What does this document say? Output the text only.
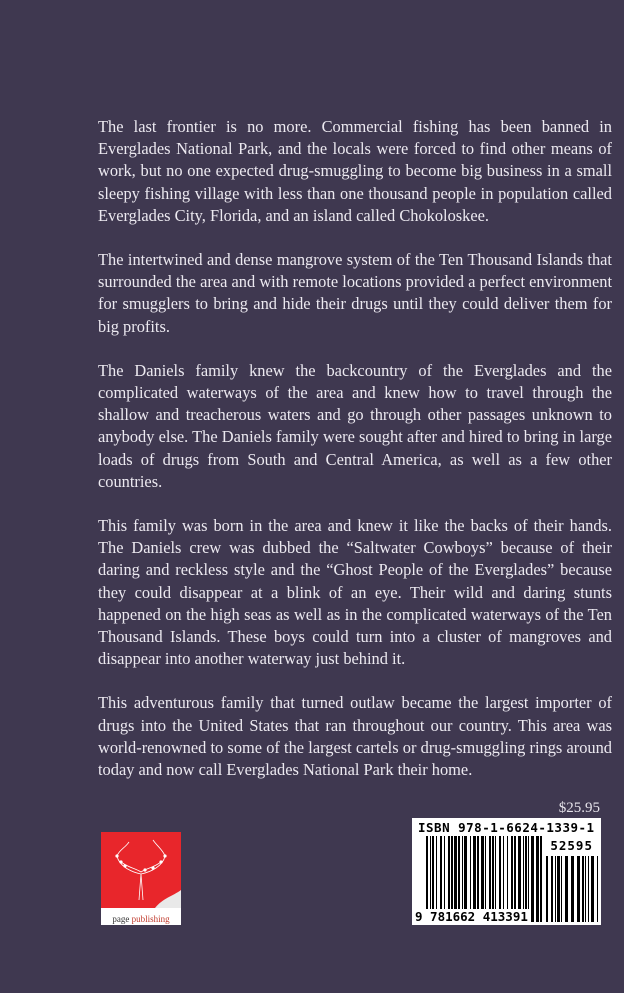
The last frontier is no more. Commercial fishing has been banned in Everglades National Park, and the locals were forced to find other means of work, but no one expected drug-smuggling to become big business in a small sleepy fishing village with less than one thousand people in population called Everglades City, Florida, and an island called Chokoloskee.

The intertwined and dense mangrove system of the Ten Thousand Islands that surrounded the area and with remote locations provided a perfect environment for smugglers to bring and hide their drugs until they could deliver them for big profits.

The Daniels family knew the backcountry of the Everglades and the complicated waterways of the area and knew how to travel through the shallow and treacherous waters and go through other passages unknown to anybody else. The Daniels family were sought after and hired to bring in large loads of drugs from South and Central America, as well as a few other countries.

This family was born in the area and knew it like the backs of their hands. The Daniels crew was dubbed the “Saltwater Cowboys” because of their daring and reckless style and the “Ghost People of the Everglades” because they could disappear at a blink of an eye. Their wild and daring stunts happened on the high seas as well as in the complicated waterways of the Ten Thousand Islands. These boys could turn into a cluster of mangroves and disappear into another waterway just behind it.

This adventurous family that turned outlaw became the largest importer of drugs into the United States that ran throughout our country. This area was world-renowned to some of the largest cartels or drug-smuggling rings around today and now call Everglades National Park their home.

$25.95
ISBN 978-1-6624-1339-1
52595
9 781662 413391
page publishing
